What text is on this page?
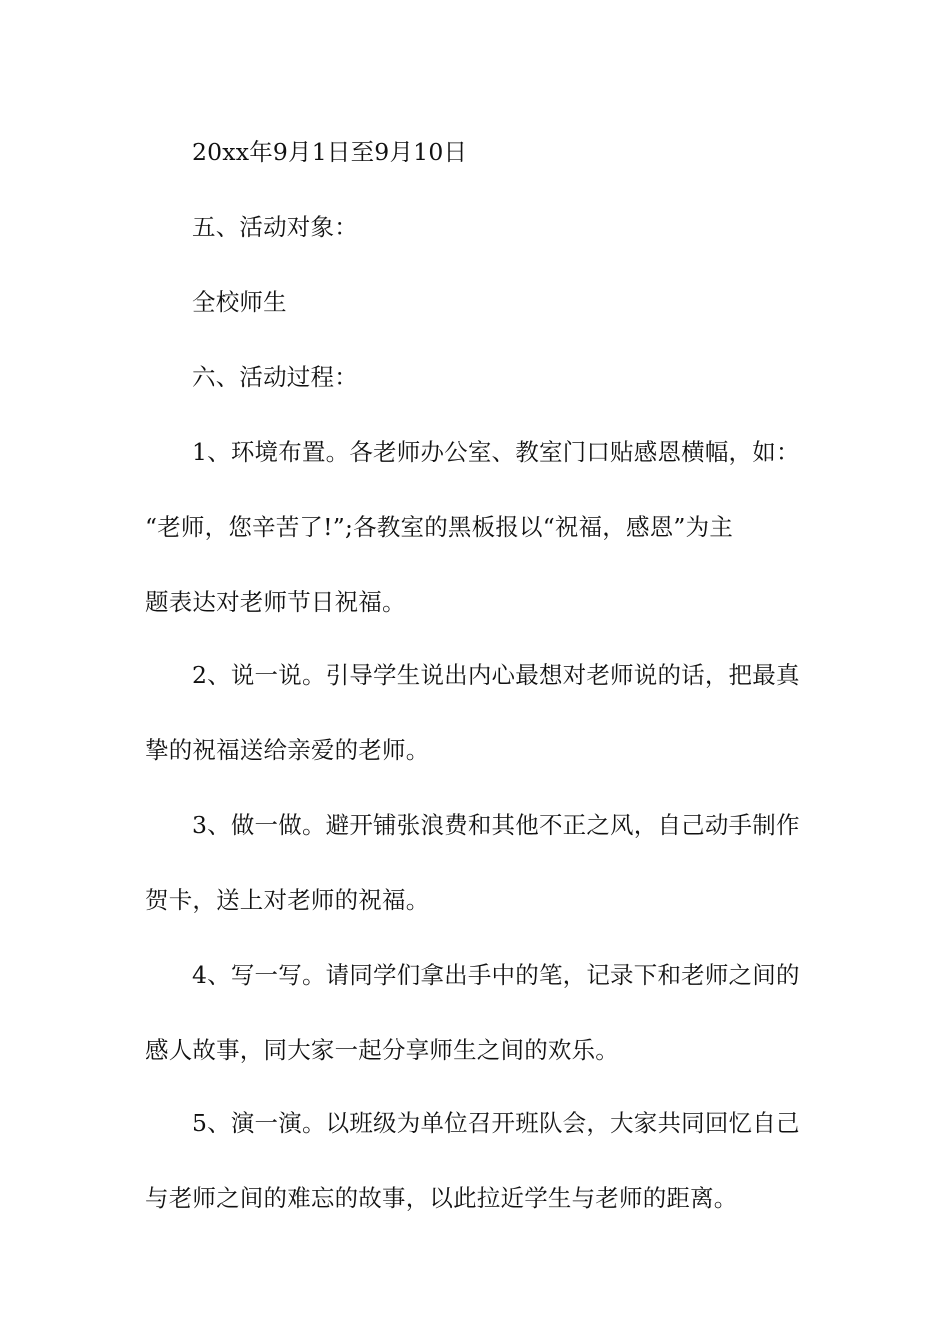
20xx年9月1日至9月10日
五、活动对象：
全校师生
六、活动过程：
1、环境布置。各老师办公室、教室门口贴感恩横幅，如：
“老师，您辛苦了!”;各教室的黑板报以“祝福，感恩”为主
题表达对老师节日祝福。
2、说一说。引导学生说出内心最想对老师说的话，把最真
挚的祝福送给亲爱的老师。
3、做一做。避开铺张浪费和其他不正之风，自己动手制作
贺卡，送上对老师的祝福。
4、写一写。请同学们拿出手中的笔，记录下和老师之间的
感人故事，同大家一起分享师生之间的欢乐。
5、演一演。以班级为单位召开班队会，大家共同回忆自己
与老师之间的难忘的故事，以此拉近学生与老师的距离。
